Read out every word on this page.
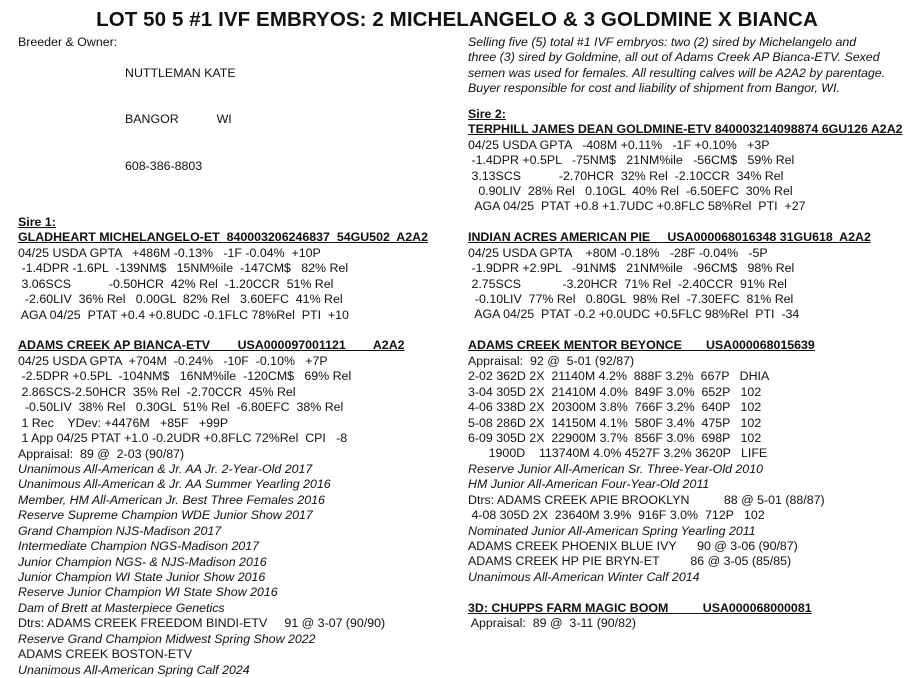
LOT 50 5 #1 IVF EMBRYOS: 2 MICHELANGELO & 3 GOLDMINE X BIANCA
Breeder & Owner:

NUTTLEMAN KATE

BANGOR           WI

608-386-8803

Sire 1:
GLADHEART MICHELANGELO-ET  840003206246837  54GU502  A2A2
04/25 USDA GPTA   +486M -0.13%   -1F -0.04%  +10P
-1.4DPR -1.6PL  -139NM$   15NM%ile  -147CM$   82% Rel
3.06SCS           -0.50HCR  42% Rel  -1.20CCR  51% Rel
-2.60LIV  36% Rel   0.00GL  82% Rel   3.60EFC  41% Rel
AGA 04/25  PTAT +0.4 +0.8UDC -0.1FLC 78%Rel  PTI  +10
ADAMS CREEK AP BIANCA-ETV        USA000097001121        A2A2
04/25 USDA GPTA  +704M  -0.24%   -10F  -0.10%   +7P
-2.5DPR +0.5PL  -104NM$   16NM%ile  -120CM$   69% Rel
2.86SCS-2.50HCR  35% Rel  -2.70CCR  45% Rel
-0.50LIV  38% Rel   0.30GL  51% Rel  -6.80EFC  38% Rel
1 Rec    YDev: +4476M   +85F   +99P
1 App 04/25 PTAT +1.0 -0.2UDR +0.8FLC 72%Rel  CPI   -8
Appraisal:  89 @  2-03 (90/87)
Unanimous All-American & Jr. AA Jr. 2-Year-Old 2017
Unanimous All-American & Jr. AA Summer Yearling 2016
Member, HM All-American Jr. Best Three Females 2016
Reserve Supreme Champion WDE Junior Show 2017
Grand Champion NJS-Madison 2017
Intermediate Champion NGS-Madison 2017
Junior Champion NGS- & NJS-Madison 2016
Junior Champion WI State Junior Show 2016
Reserve Junior Champion WI State Show 2016
Dam of Brett at Masterpiece Genetics
Dtrs: ADAMS CREEK FREEDOM BINDI-ETV     91 @ 3-07 (90/90)
Reserve Grand Champion Midwest Spring Show 2022
ADAMS CREEK BOSTON-ETV
Unanimous All-American Spring Calf 2024
Selling five (5) total #1 IVF embryos: two (2) sired by Michelangelo and
three (3) sired by Goldmine, all out of Adams Creek AP Bianca-ETV. Sexed
semen was used for females. All resulting calves will be A2A2 by parentage.
Buyer responsible for cost and liability of shipment from Bangor, WI.
Sire 2:
TERPHILL JAMES DEAN GOLDMINE-ETV 840003214098874 6GU126 A2A2
04/25 USDA GPTA   -408M +0.11%   -1F +0.10%   +3P
-1.4DPR +0.5PL   -75NM$   21NM%ile   -56CM$   59% Rel
3.13SCS           -2.70HCR  32% Rel  -2.10CCR  34% Rel
0.90LIV  28% Rel   0.10GL  40% Rel  -6.50EFC  30% Rel
AGA 04/25  PTAT +0.8 +1.7UDC +0.8FLC 58%Rel  PTI  +27
INDIAN ACRES AMERICAN PIE     USA000068016348 31GU618  A2A2
04/25 USDA GPTA    +80M -0.18%   -28F -0.04%   -5P
-1.9DPR +2.9PL   -91NM$   21NM%ile   -96CM$   98% Rel
2.75SCS            -3.20HCR  71% Rel  -2.40CCR  91% Rel
-0.10LIV  77% Rel   0.80GL  98% Rel  -7.30EFC  81% Rel
AGA 04/25  PTAT -0.2 +0.0UDC +0.5FLC 98%Rel  PTI  -34
ADAMS CREEK MENTOR BEYONCE       USA000068015639
Appraisal:  92 @  5-01 (92/87)
2-02 362D 2X  21140M 4.2%  888F 3.2%  667P   DHIA
3-04 305D 2X  21410M 4.0%  849F 3.0%  652P   102
4-06 338D 2X  20300M 3.8%  766F 3.2%  640P   102
5-08 286D 2X  14150M 4.1%  580F 3.4%  475P   102
6-09 305D 2X  22900M 3.7%  856F 3.0%  698P   102
1900D    113740M 4.0% 4527F 3.2% 3620P   LIFE
Reserve Junior All-American Sr. Three-Year-Old 2010
HM Junior All-American Four-Year-Old 2011
Dtrs: ADAMS CREEK APIE BROOKLYN          88 @ 5-01 (88/87)
4-08 305D 2X  23640M 3.9%  916F 3.0%  712P   102
Nominated Junior All-American Spring Yearling 2011
ADAMS CREEK PHOENIX BLUE IVY      90 @ 3-06 (90/87)
ADAMS CREEK HP PIE BRYN-ET         86 @ 3-05 (85/85)
Unanimous All-American Winter Calf 2014
3D: CHUPPS FARM MAGIC BOOM          USA000068000081
Appraisal:  89 @  3-11 (90/82)
